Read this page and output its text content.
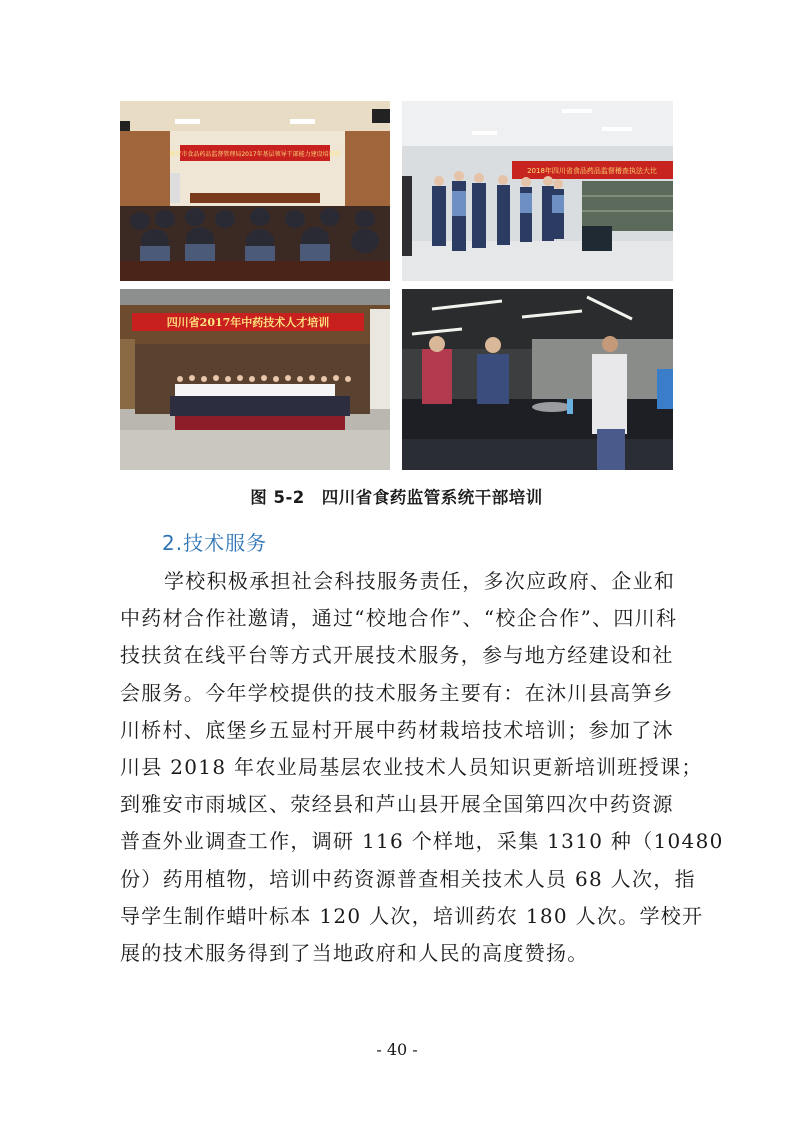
雅安市食品药品监督管理局2017年基层领导干部能力建设培训班
2018年四川省食品药品监督稽查执法大比
四川省2017年中药技术人才培训
图 5-2　四川省食药监管系统干部培训
2.技术服务
学校积极承担社会科技服务责任，多次应政府、企业和
中药材合作社邀请，通过“校地合作”、“校企合作”、四川科
技扶贫在线平台等方式开展技术服务，参与地方经建设和社
会服务。今年学校提供的技术服务主要有：在沐川县高笋乡
川桥村、底堡乡五显村开展中药材栽培技术培训；参加了沐
川县 2018 年农业局基层农业技术人员知识更新培训班授课；
到雅安市雨城区、荥经县和芦山县开展全国第四次中药资源
普查外业调查工作，调研 116 个样地，采集 1310 种（10480
份）药用植物，培训中药资源普查相关技术人员 68 人次，指
导学生制作蜡叶标本 120 人次，培训药农 180 人次。学校开
展的技术服务得到了当地政府和人民的高度赞扬。
- 40 -
